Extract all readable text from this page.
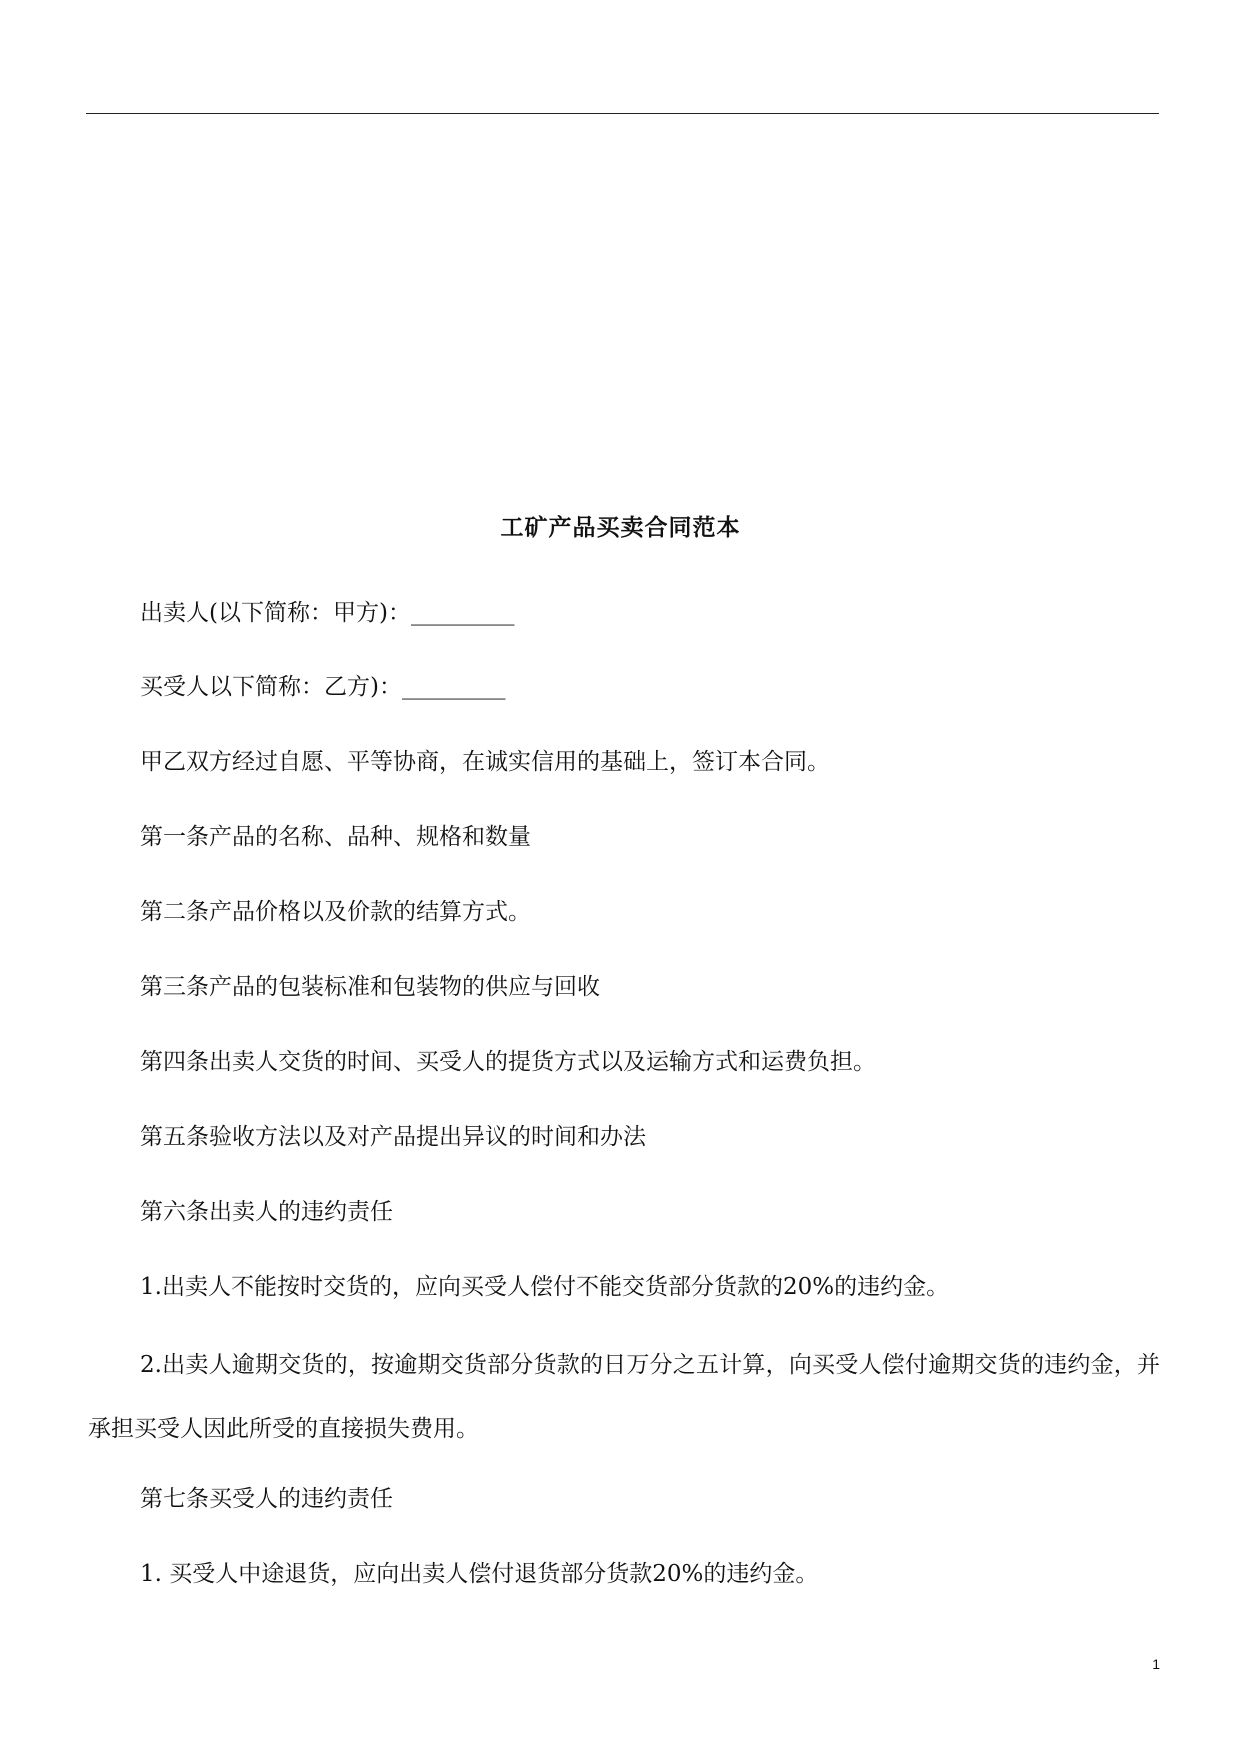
工矿产品买卖合同范本

出卖人(以下简称：甲方)：_________

买受人以下简称：乙方)：_________

甲乙双方经过自愿、平等协商，在诚实信用的基础上，签订本合同。

第一条产品的名称、品种、规格和数量

第二条产品价格以及价款的结算方式。

第三条产品的包装标准和包装物的供应与回收

第四条出卖人交货的时间、买受人的提货方式以及运输方式和运费负担。

第五条验收方法以及对产品提出异议的时间和办法

第六条出卖人的违约责任

1.出卖人不能按时交货的，应向买受人偿付不能交货部分货款的20%的违约金。

2.出卖人逾期交货的，按逾期交货部分货款的日万分之五计算，向买受人偿付逾期交货的违约金，并承担买受人因此所受的直接损失费用。

第七条买受人的违约责任

1. 买受人中途退货，应向出卖人偿付退货部分货款20%的违约金。

1
